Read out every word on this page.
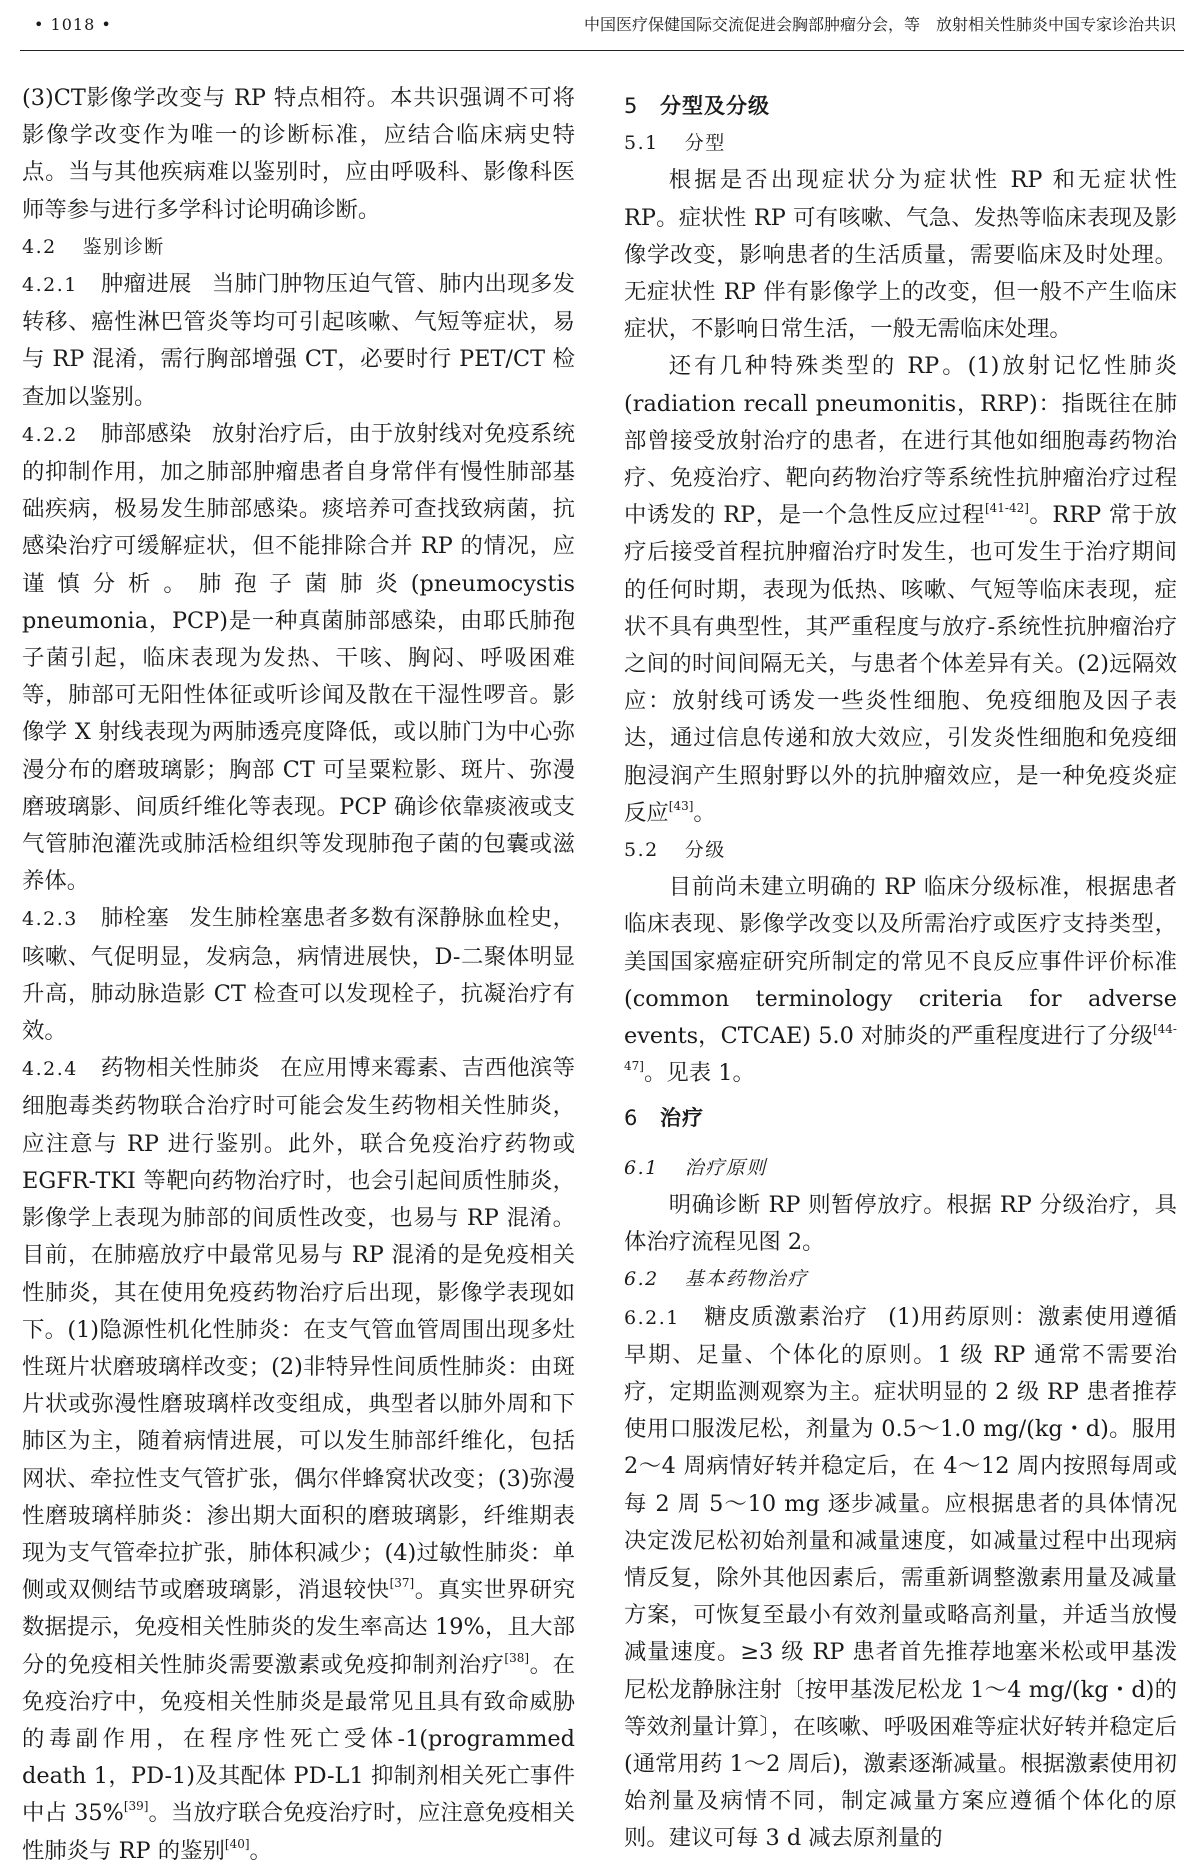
• 1018 •	中国医疗保健国际交流促进会胸部肿瘤分会，等　放射相关性肺炎中国专家诊治共识

(3)CT影像学改变与 RP 特点相符。本共识强调不可将影像学改变作为唯一的诊断标准，应结合临床病史特点。当与其他疾病难以鉴别时，应由呼吸科、影像科医师等参与进行多学科讨论明确诊断。

4.2 鉴别诊断

4.2.1　 肿瘤进展 当肺门肿物压迫气管、肺内出现多发转移、癌性淋巴管炎等均可引起咳嗽、气短等症状，易与 RP 混淆，需行胸部增强 CT，必要时行 PET/CT 检查加以鉴别。

4.2.2　 肺部感染 放射治疗后，由于放射线对免疫系统的抑制作用，加之肺部肿瘤患者自身常伴有慢性肺部基础疾病，极易发生肺部感染。痰培养可查找致病菌，抗感染治疗可缓解症状，但不能排除合并 RP 的情况，应谨慎分析。肺孢子菌肺炎(pneumocystis pneumonia，PCP)是一种真菌肺部感染，由耶氏肺孢子菌引起，临床表现为发热、干咳、胸闷、呼吸困难等，肺部可无阳性体征或听诊闻及散在干湿性啰音。影像学 X 射线表现为两肺透亮度降低，或以肺门为中心弥漫分布的磨玻璃影；胸部 CT 可呈粟粒影、斑片、弥漫磨玻璃影、间质纤维化等表现。PCP 确诊依靠痰液或支气管肺泡灌洗或肺活检组织等发现肺孢子菌的包囊或滋养体。

4.2.3　 肺栓塞 发生肺栓塞患者多数有深静脉血栓史，咳嗽、气促明显，发病急，病情进展快，D-二聚体明显升高，肺动脉造影 CT 检查可以发现栓子，抗凝治疗有效。

4.2.4　 药物相关性肺炎 在应用博来霉素、吉西他滨等细胞毒类药物联合治疗时可能会发生药物相关性肺炎，应注意与 RP 进行鉴别。此外，联合免疫治疗药物或 EGFR-TKI 等靶向药物治疗时，也会引起间质性肺炎，影像学上表现为肺部的间质性改变，也易与 RP 混淆。目前，在肺癌放疗中最常见易与 RP 混淆的是免疫相关性肺炎，其在使用免疫药物治疗后出现，影像学表现如下。(1)隐源性机化性肺炎：在支气管血管周围出现多灶性斑片状磨玻璃样改变；(2)非特异性间质性肺炎：由斑片状或弥漫性磨玻璃样改变组成，典型者以肺外周和下肺区为主，随着病情进展，可以发生肺部纤维化，包括网状、牵拉性支气管扩张，偶尔伴蜂窝状改变；(3)弥漫性磨玻璃样肺炎：渗出期大面积的磨玻璃影，纤维期表现为支气管牵拉扩张，肺体积减少；(4)过敏性肺炎：单侧或双侧结节或磨玻璃影，消退较快[37]。真实世界研究数据提示，免疫相关性肺炎的发生率高达 19%，且大部分的免疫相关性肺炎需要激素或免疫抑制剂治疗[38]。在免疫治疗中，免疫相关性肺炎是最常见且具有致命威胁的毒副作用，在程序性死亡受体-1(programmed death 1，PD-1)及其配体 PD-L1 抑制剂相关死亡事件中占 35%[39]。当放疗联合免疫治疗时，应注意免疫相关性肺炎与 RP 的鉴别[40]。

5 分型及分级
5.1 分型

根据是否出现症状分为症状性 RP 和无症状性 RP。症状性 RP 可有咳嗽、气急、发热等临床表现及影像学改变，影响患者的生活质量，需要临床及时处理。无症状性 RP 伴有影像学上的改变，但一般不产生临床症状，不影响日常生活，一般无需临床处理。

还有几种特殊类型的 RP。(1)放射记忆性肺炎(radiation recall pneumonitis，RRP)：指既往在肺部曾接受放射治疗的患者，在进行其他如细胞毒药物治疗、免疫治疗、靶向药物治疗等系统性抗肿瘤治疗过程中诱发的 RP，是一个急性反应过程[41-42]。RRP 常于放疗后接受首程抗肿瘤治疗时发生，也可发生于治疗期间的任何时期，表现为低热、咳嗽、气短等临床表现，症状不具有典型性，其严重程度与放疗-系统性抗肿瘤治疗之间的时间间隔无关，与患者个体差异有关。(2)远隔效应：放射线可诱发一些炎性细胞、免疫细胞及因子表达，通过信息传递和放大效应，引发炎性细胞和免疫细胞浸润产生照射野以外的抗肿瘤效应，是一种免疫炎症反应[43]。

5.2 分级

目前尚未建立明确的 RP 临床分级标准，根据患者临床表现、影像学改变以及所需治疗或医疗支持类型，美国国家癌症研究所制定的常见不良反应事件评价标准(common terminology criteria for adverse events，CTCAE) 5.0 对肺炎的严重程度进行了分级[44-47]。见表 1。

6 治疗
6.1 治疗原则

明确诊断 RP 则暂停放疗。根据 RP 分级治疗，具体治疗流程见图 2。

6.2 基本药物治疗

6.2.1　 糖皮质激素治疗 (1)用药原则：激素使用遵循早期、足量、个体化的原则。1 级 RP 通常不需要治疗，定期监测观察为主。症状明显的 2 级 RP 患者推荐使用口服泼尼松，剂量为 0.5～1.0 mg/(kg・d)。服用 2～4 周病情好转并稳定后，在 4～12 周内按照每周或每 2 周 5～10 mg 逐步减量。应根据患者的具体情况决定泼尼松初始剂量和减量速度，如减量过程中出现病情反复，除外其他因素后，需重新调整激素用量及减量方案，可恢复至最小有效剂量或略高剂量，并适当放慢减量速度。≥3 级 RP 患者首先推荐地塞米松或甲基泼尼松龙静脉注射〔按甲基泼尼松龙 1～4 mg/(kg・d)的等效剂量计算〕，在咳嗽、呼吸困难等症状好转并稳定后(通常用药 1～2 周后)，激素逐渐减量。根据激素使用初始剂量及病情不同，制定减量方案应遵循个体化的原则。建议可每 3 d 减去原剂量的
